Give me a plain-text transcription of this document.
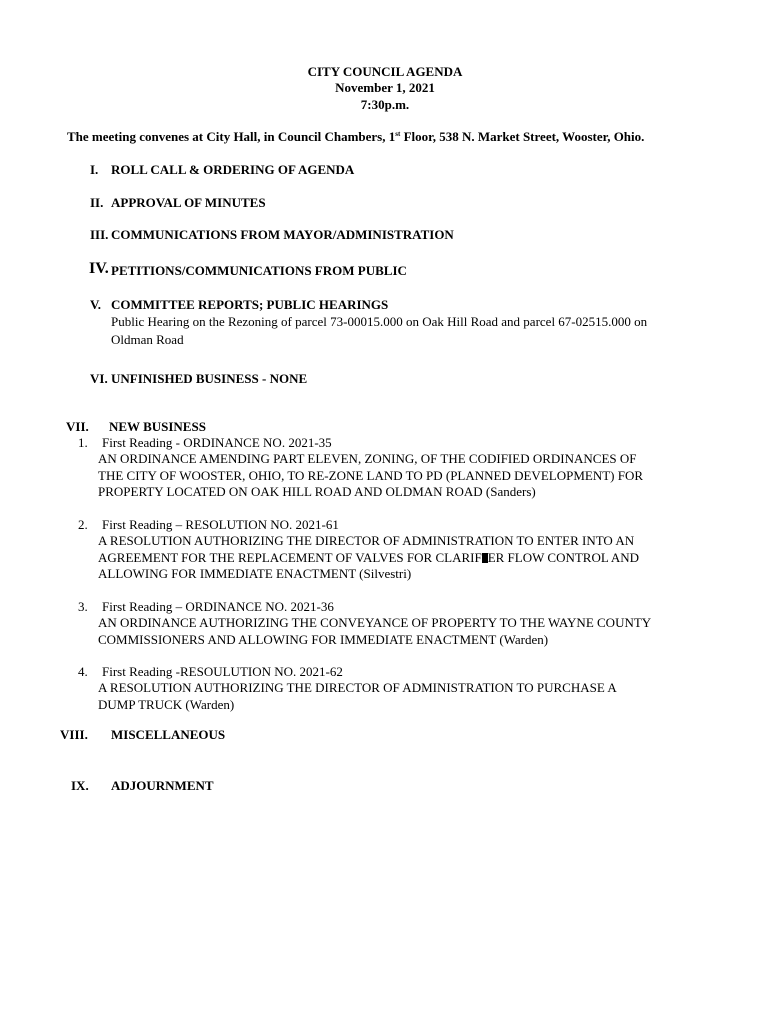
CITY COUNCIL AGENDA
November 1, 2021
7:30p.m.
The meeting convenes at City Hall, in Council Chambers, 1st Floor, 538 N. Market Street, Wooster, Ohio.
I. ROLL CALL & ORDERING OF AGENDA
II. APPROVAL OF MINUTES
III. COMMUNICATIONS FROM MAYOR/ADMINISTRATION
IV. PETITIONS/COMMUNICATIONS FROM PUBLIC
V. COMMITTEE REPORTS; PUBLIC HEARINGS
Public Hearing on the Rezoning of parcel 73-00015.000 on Oak Hill Road and parcel 67-02515.000 on
Oldman Road
VI. UNFINISHED BUSINESS - NONE
VII. NEW BUSINESS
1. First Reading - ORDINANCE NO. 2021-35
AN ORDINANCE AMENDING PART ELEVEN, ZONING, OF THE CODIFIED ORDINANCES OF
THE CITY OF WOOSTER, OHIO, TO RE-ZONE LAND TO PD (PLANNED DEVELOPMENT) FOR
PROPERTY LOCATED ON OAK HILL ROAD AND OLDMAN ROAD (Sanders)
2. First Reading – RESOLUTION NO. 2021-61
A RESOLUTION AUTHORIZING THE DIRECTOR OF ADMINISTRATION TO ENTER INTO AN
AGREEMENT FOR THE REPLACEMENT OF VALVES FOR CLARIF ER FLOW CONTROL AND
ALLOWING FOR IMMEDIATE ENACTMENT (Silvestri)
3. First Reading – ORDINANCE NO. 2021-36
AN ORDINANCE AUTHORIZING THE CONVEYANCE OF PROPERTY TO THE WAYNE COUNTY
COMMISSIONERS AND ALLOWING FOR IMMEDIATE ENACTMENT (Warden)
4. First Reading -RESOULUTION NO. 2021-62
A RESOLUTION AUTHORIZING THE DIRECTOR OF ADMINISTRATION TO PURCHASE A
DUMP TRUCK (Warden)
VIII. MISCELLANEOUS
IX. ADJOURNMENT
